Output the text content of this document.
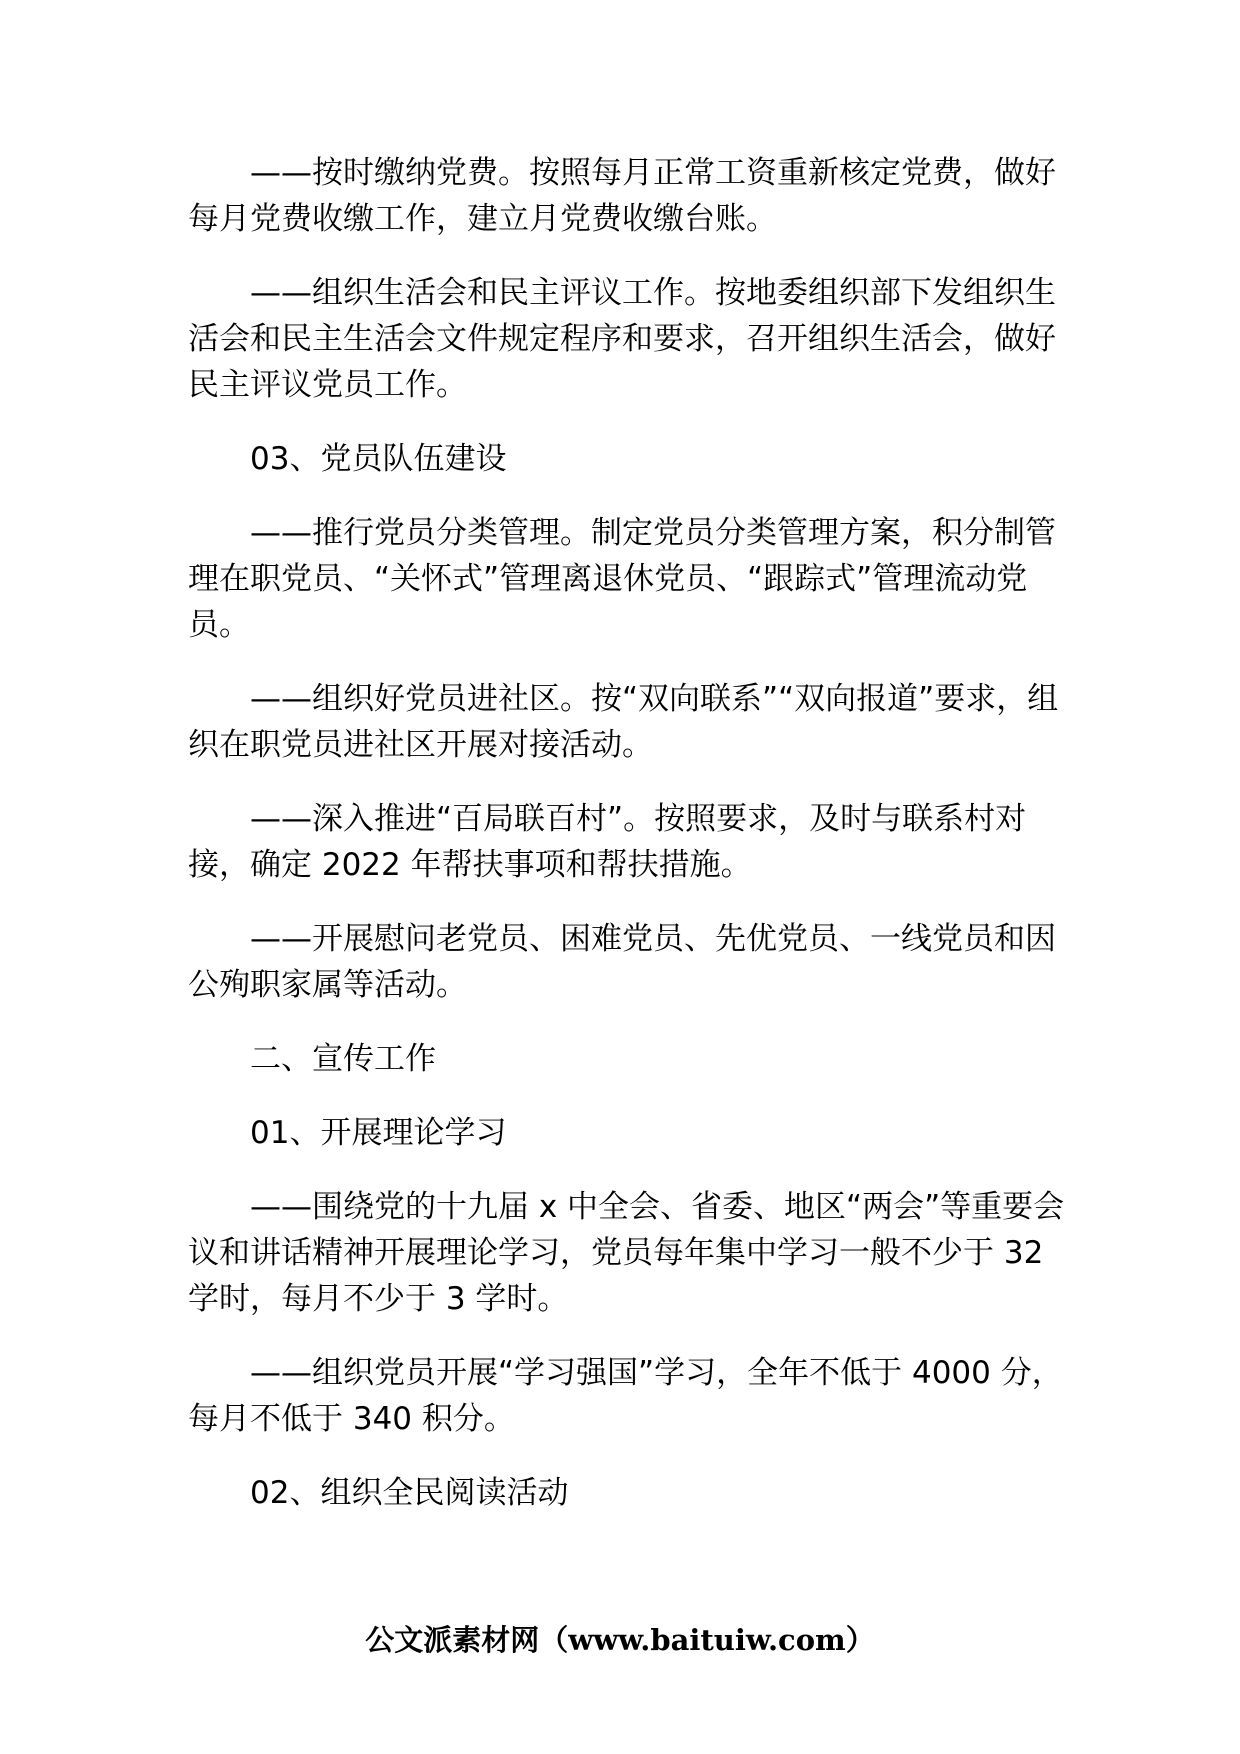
——按时缴纳党费。按照每月正常工资重新核定党费，做好每月党费收缴工作，建立月党费收缴台账。

——组织生活会和民主评议工作。按地委组织部下发组织生活会和民主生活会文件规定程序和要求，召开组织生活会，做好民主评议党员工作。

03、党员队伍建设

——推行党员分类管理。制定党员分类管理方案，积分制管理在职党员、“关怀式”管理离退休党员、“跟踪式”管理流动党员。

——组织好党员进社区。按“双向联系”“双向报道”要求，组织在职党员进社区开展对接活动。

——深入推进“百局联百村”。按照要求，及时与联系村对接，确定 2022 年帮扶事项和帮扶措施。

——开展慰问老党员、困难党员、先优党员、一线党员和因公殉职家属等活动。

二、宣传工作

01、开展理论学习

——围绕党的十九届 x 中全会、省委、地区“两会”等重要会议和讲话精神开展理论学习，党员每年集中学习一般不少于 32 学时，每月不少于 3 学时。

——组织党员开展“学习强国”学习，全年不低于 4000 分，每月不低于 340 积分。

02、组织全民阅读活动

公文派素材网（www.baituiw.com）
